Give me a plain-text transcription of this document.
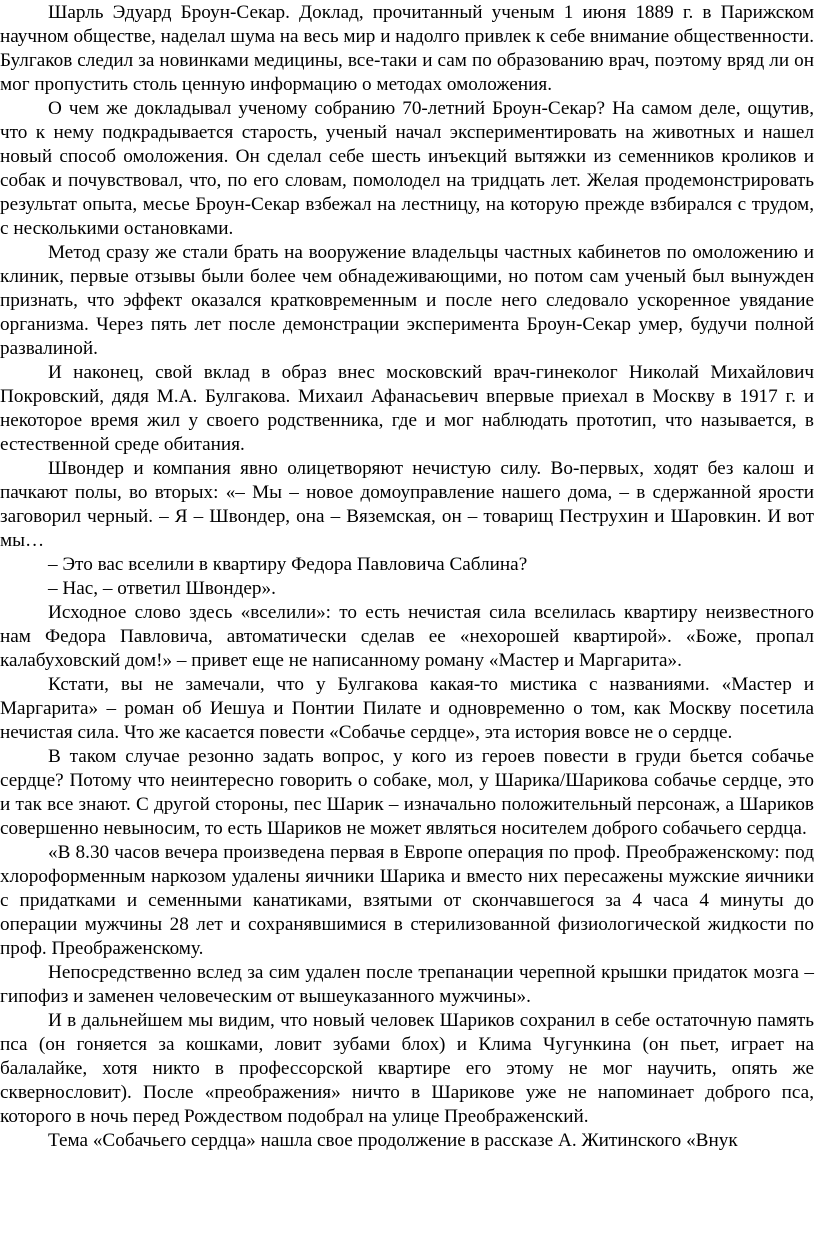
Шарль Эдуард Броун-Секар. Доклад, прочитанный ученым 1 июня 1889 г. в Парижском научном обществе, наделал шума на весь мир и надолго привлек к себе внимание общественности. Булгаков следил за новинками медицины, все-таки и сам по образованию врач, поэтому вряд ли он мог пропустить столь ценную информацию о методах омоложения.

О чем же докладывал ученому собранию 70-летний Броун-Секар? На самом деле, ощутив, что к нему подкрадывается старость, ученый начал экспериментировать на животных и нашел новый способ омоложения. Он сделал себе шесть инъекций вытяжки из семенников кроликов и собак и почувствовал, что, по его словам, помолодел на тридцать лет. Желая продемонстрировать результат опыта, месье Броун-Секар взбежал на лестницу, на которую прежде взбирался с трудом, с несколькими остановками.

Метод сразу же стали брать на вооружение владельцы частных кабинетов по омоложению и клиник, первые отзывы были более чем обнадеживающими, но потом сам ученый был вынужден признать, что эффект оказался кратковременным и после него следовало ускоренное увядание организма. Через пять лет после демонстрации эксперимента Броун-Секар умер, будучи полной развалиной.

И наконец, свой вклад в образ внес московский врач-гинеколог Николай Михайлович Покровский, дядя М.А. Булгакова. Михаил Афанасьевич впервые приехал в Москву в 1917 г. и некоторое время жил у своего родственника, где и мог наблюдать прототип, что называется, в естественной среде обитания.

Швондер и компания явно олицетворяют нечистую силу. Во-первых, ходят без калош и пачкают полы, во вторых: «– Мы – новое домоуправление нашего дома, – в сдержанной ярости заговорил черный. – Я – Швондер, она – Вяземская, он – товарищ Пеструхин и Шаровкин. И вот мы…

– Это вас вселили в квартиру Федора Павловича Саблина?

– Нас, – ответил Швондер».

Исходное слово здесь «вселили»: то есть нечистая сила вселилась квартиру неизвестного нам Федора Павловича, автоматически сделав ее «нехорошей квартирой». «Боже, пропал калабуховский дом!» – привет еще не написанному роману «Мастер и Маргарита».

Кстати, вы не замечали, что у Булгакова какая-то мистика с названиями. «Мастер и Маргарита» – роман об Иешуа и Понтии Пилате и одновременно о том, как Москву посетила нечистая сила. Что же касается повести «Собачье сердце», эта история вовсе не о сердце.

В таком случае резонно задать вопрос, у кого из героев повести в груди бьется собачье сердце? Потому что неинтересно говорить о собаке, мол, у Шарика/Шарикова собачье сердце, это и так все знают. С другой стороны, пес Шарик – изначально положительный персонаж, а Шариков совершенно невыносим, то есть Шариков не может являться носителем доброго собачьего сердца.

«В 8.30 часов вечера произведена первая в Европе операция по проф. Преображенскому: под хлороформенным наркозом удалены яичники Шарика и вместо них пересажены мужские яичники с придатками и семенными канатиками, взятыми от скончавшегося за 4 часа 4 минуты до операции мужчины 28 лет и сохранявшимися в стерилизованной физиологической жидкости по проф. Преображенскому.

Непосредственно вслед за сим удален после трепанации черепной крышки придаток мозга – гипофиз и заменен человеческим от вышеуказанного мужчины».

И в дальнейшем мы видим, что новый человек Шариков сохранил в себе остаточную память пса (он гоняется за кошками, ловит зубами блох) и Клима Чугункина (он пьет, играет на балалайке, хотя никто в профессорской квартире его этому не мог научить, опять же сквернословит). После «преображения» ничто в Шарикове уже не напоминает доброго пса, которого в ночь перед Рождеством подобрал на улице Преображенский.

Тема «Собачьего сердца» нашла свое продолжение в рассказе А. Житинского «Внук
